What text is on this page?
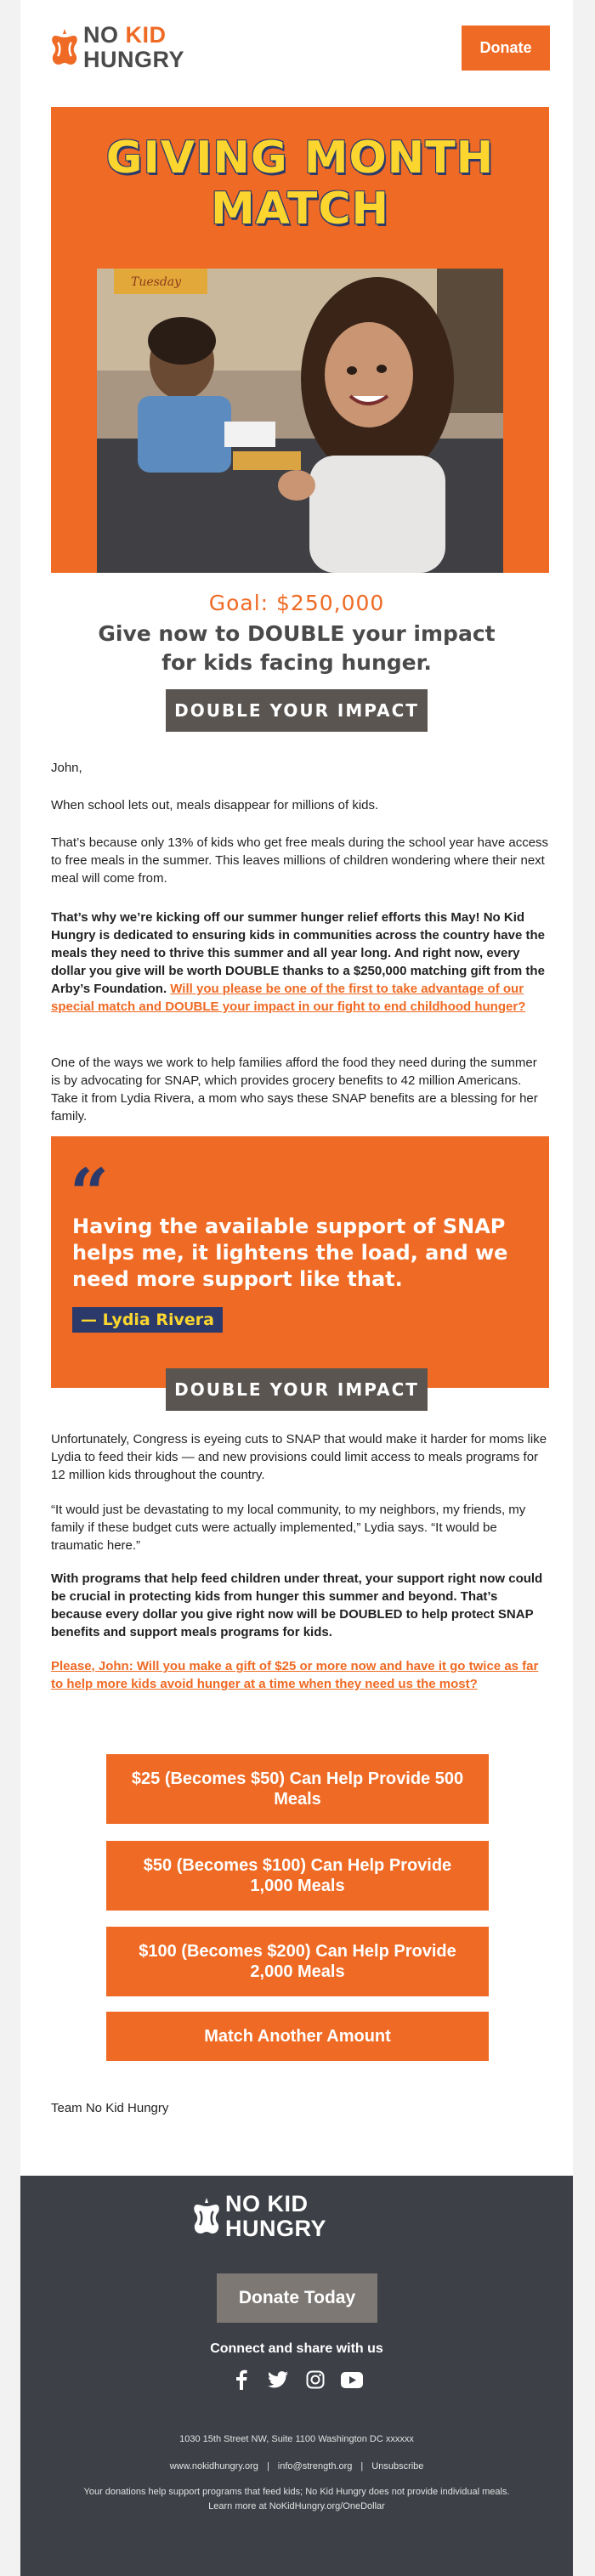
NO KID
HUNGRY	Donate
GIVING MONTH
MATCH
Tuesday
Goal: $250,000
Give now to DOUBLE your impact
for kids facing hunger.
DOUBLE YOUR IMPACT
John,
When school lets out, meals disappear for millions of kids.
That’s because only 13% of kids who get free meals during the school year have access to free meals in the summer. This leaves millions of children wondering where their next meal will come from.
That’s why we’re kicking off our summer hunger relief efforts this May! No Kid Hungry is dedicated to ensuring kids in communities across the country have the meals they need to thrive this summer and all year long. And right now, every dollar you give will be worth DOUBLE thanks to a $250,000 matching gift from the Arby’s Foundation. Will you please be one of the first to take advantage of our special match and DOUBLE your impact in our fight to end childhood hunger?
One of the ways we work to help families afford the food they need during the summer is by advocating for SNAP, which provides grocery benefits to 42 million Americans. Take it from Lydia Rivera, a mom who says these SNAP benefits are a blessing for her family.
“
Having the available support of SNAP helps me, it lightens the load, and we need more support like that.
— Lydia Rivera
DOUBLE YOUR IMPACT
Unfortunately, Congress is eyeing cuts to SNAP that would make it harder for moms like Lydia to feed their kids — and new provisions could limit access to meals programs for 12 million kids throughout the country.
“It would just be devastating to my local community, to my neighbors, my friends, my family if these budget cuts were actually implemented,” Lydia says. “It would be traumatic here.”
With programs that help feed children under threat, your support right now could be crucial in protecting kids from hunger this summer and beyond. That’s because every dollar you give right now will be DOUBLED to help protect SNAP benefits and support meals programs for kids.
Please, John: Will you make a gift of $25 or more now and have it go twice as far to help more kids avoid hunger at a time when they need us the most?
$25 (Becomes $50) Can Help Provide 500 Meals
$50 (Becomes $100) Can Help Provide 1,000 Meals
$100 (Becomes $200) Can Help Provide 2,000 Meals
Match Another Amount
Team No Kid Hungry
NO KID
HUNGRY
Donate Today
Connect and share with us
1030 15th Street NW, Suite 1100 Washington DC xxxxxx
www.nokidhungry.org | info@strength.org | Unsubscribe
Your donations help support programs that feed kids; No Kid Hungry does not provide individual meals.
Learn more at NoKidHungry.org/OneDollar
